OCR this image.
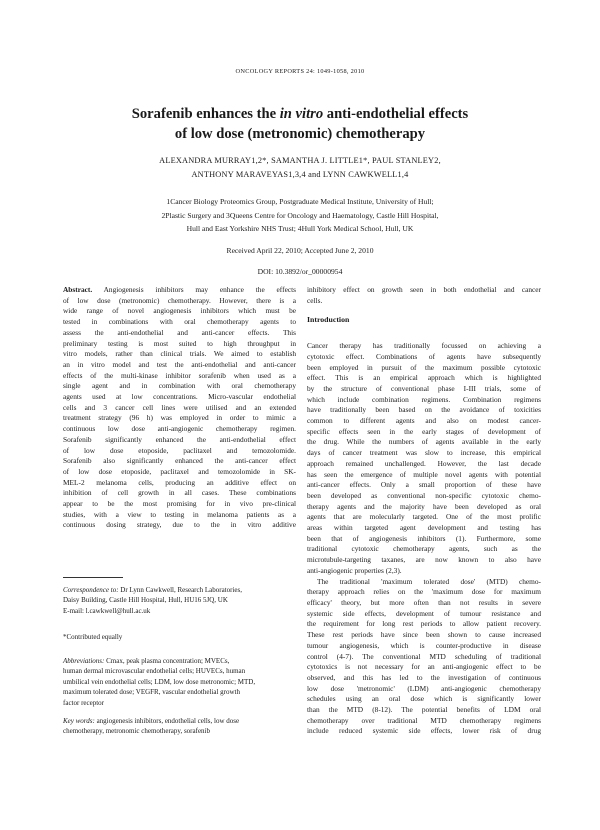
ONCOLOGY REPORTS 24: 1049-1058, 2010
Sorafenib enhances the in vitro anti-endothelial effects
of low dose (metronomic) chemotherapy
ALEXANDRA MURRAY1,2*, SAMANTHA J. LITTLE1*, PAUL STANLEY2,
ANTHONY MARAVEYAS1,3,4 and LYNN CAWKWELL1,4
1Cancer Biology Proteomics Group, Postgraduate Medical Institute, University of Hull;
2Plastic Surgery and 3Queens Centre for Oncology and Haematology, Castle Hill Hospital,
Hull and East Yorkshire NHS Trust; 4Hull York Medical School, Hull, UK
Received April 22, 2010; Accepted June 2, 2010
DOI: 10.3892/or_00000954
Abstract. Angiogenesis inhibitors may enhance the effects
of low dose (metronomic) chemotherapy. However, there is a
wide range of novel angiogenesis inhibitors which must be
tested in combinations with oral chemotherapy agents to
assess the anti-endothelial and anti-cancer effects. This
preliminary testing is most suited to high throughput in
vitro models, rather than clinical trials. We aimed to establish
an in vitro model and test the anti-endothelial and anti-cancer
effects of the multi-kinase inhibitor sorafenib when used as a
single agent and in combination with oral chemotherapy
agents used at low concentrations. Micro-vascular endothelial
cells and 3 cancer cell lines were utilised and an extended
treatment strategy (96 h) was employed in order to mimic a
continuous low dose anti-angiogenic chemotherapy regimen.
Sorafenib significantly enhanced the anti-endothelial effect
of low dose etoposide, paclitaxel and temozolomide.
Sorafenib also significantly enhanced the anti-cancer effect
of low dose etoposide, paclitaxel and temozolomide in SK-
MEL-2 melanoma cells, producing an additive effect on
inhibition of cell growth in all cases. These combinations
appear to be the most promising for in vivo pre-clinical
studies, with a view to testing in melanoma patients as a
continuous dosing strategy, due to the in vitro additive
inhibitory effect on growth seen in both endothelial and cancer
cells.
Introduction
Cancer therapy has traditionally focussed on achieving a
cytotoxic effect. Combinations of agents have subsequently
been employed in pursuit of the maximum possible cytotoxic
effect. This is an empirical approach which is highlighted
by the structure of conventional phase I-III trials, some of
which include combination regimens. Combination regimens
have traditionally been based on the avoidance of toxicities
common to different agents and also on modest cancer-
specific effects seen in the early stages of development of
the drug. While the numbers of agents available in the early
days of cancer treatment was slow to increase, this empirical
approach remained unchallenged. However, the last decade
has seen the emergence of multiple novel agents with potential
anti-cancer effects. Only a small proportion of these have
been developed as conventional non-specific cytotoxic chemo-
therapy agents and the majority have been developed as oral
agents that are molecularly targeted. One of the most prolific
areas within targeted agent development and testing has
been that of angiogenesis inhibitors (1). Furthermore, some
traditional cytotoxic chemotherapy agents, such as the
microtubule-targeting taxanes, are now known to also have
anti-angiogenic properties (2,3).
The traditional 'maximum tolerated dose' (MTD) chemo-
therapy approach relies on the 'maximum dose for maximum
efficacy' theory, but more often than not results in severe
systemic side effects, development of tumour resistance and
the requirement for long rest periods to allow patient recovery.
These rest periods have since been shown to cause increased
tumour angiogenesis, which is counter-productive in disease
control (4-7). The conventional MTD scheduling of traditional
cytotoxics is not necessary for an anti-angiogenic effect to be
observed, and this has led to the investigation of continuous
low dose 'metronomic' (LDM) anti-angiogenic chemotherapy
schedules using an oral dose which is significantly lower
than the MTD (8-12). The potential benefits of LDM oral
chemotherapy over traditional MTD chemotherapy regimens
include reduced systemic side effects, lower risk of drug
Correspondence to: Dr Lynn Cawkwell, Research Laboratories,
Daisy Building, Castle Hill Hospital, Hull, HU16 5JQ, UK
E-mail: l.cawkwell@hull.ac.uk
*Contributed equally
Abbreviations: Cmax, peak plasma concentration; MVECs,
human dermal microvascular endothelial cells; HUVECs, human
umbilical vein endothelial cells; LDM, low dose metronomic; MTD,
maximum tolerated dose; VEGFR, vascular endothelial growth
factor receptor
Key words: angiogenesis inhibitors, endothelial cells, low dose
chemotherapy, metronomic chemotherapy, sorafenib
